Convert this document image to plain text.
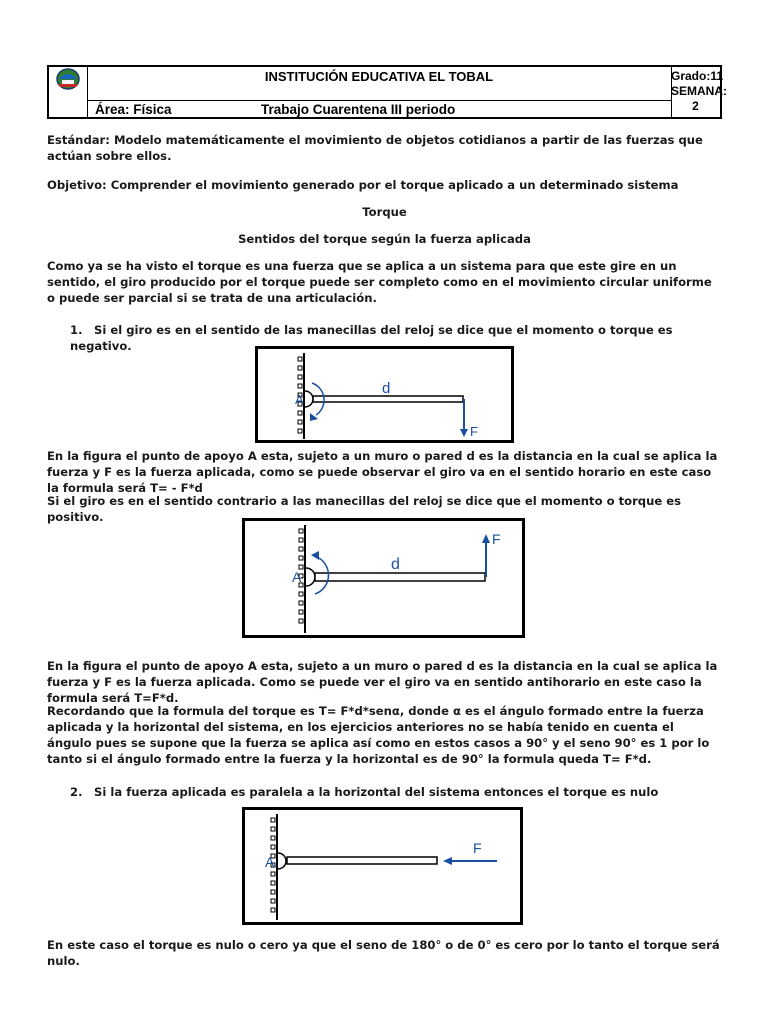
INSTITUCIÓN EDUCATIVA EL TOBAL
Área: Física	Trabajo Cuarentena III periodo
Grado:11
SEMANA:
2
Estándar: Modelo matemáticamente el movimiento de objetos cotidianos a partir de las fuerzas que actúan sobre ellos.
Objetivo: Comprender el movimiento generado por el torque aplicado a un determinado sistema
Torque
Sentidos del torque según la fuerza aplicada
Como ya se ha visto el torque es una fuerza que se aplica a un sistema para que este gire en un sentido, el giro producido por el torque puede ser completo como en el movimiento circular uniforme o puede ser parcial si se trata de una articulación.
1. Si el giro es en el sentido de las manecillas del reloj se dice que el momento o torque es negativo.
A
d
F
En la figura el punto de apoyo A esta, sujeto a un muro o pared d es la distancia en la cual se aplica la fuerza y F es la fuerza aplicada, como se puede observar el giro va en el sentido horario en este caso la formula será T= - F*d
Si el giro es en el sentido contrario a las manecillas del reloj se dice que el momento o torque es positivo.
A
d
F
En la figura el punto de apoyo A esta, sujeto a un muro o pared d es la distancia en la cual se aplica la fuerza y F es la fuerza aplicada. Como se puede ver el giro va en sentido antihorario en este caso la formula será T=F*d.
Recordando que la formula del torque es T= F*d*senα, donde α es el ángulo formado entre la fuerza aplicada y la horizontal del sistema, en los ejercicios anteriores no se había tenido en cuenta el ángulo pues se supone que la fuerza se aplica así como en estos casos a 90° y el seno 90° es 1 por lo tanto si el ángulo formado entre la fuerza y la horizontal es de 90° la formula queda T= F*d.
2. Si la fuerza aplicada es paralela a la horizontal del sistema entonces el torque es nulo
A
F
En este caso el torque es nulo o cero ya que el seno de 180° o de 0° es cero por lo tanto el torque será nulo.
